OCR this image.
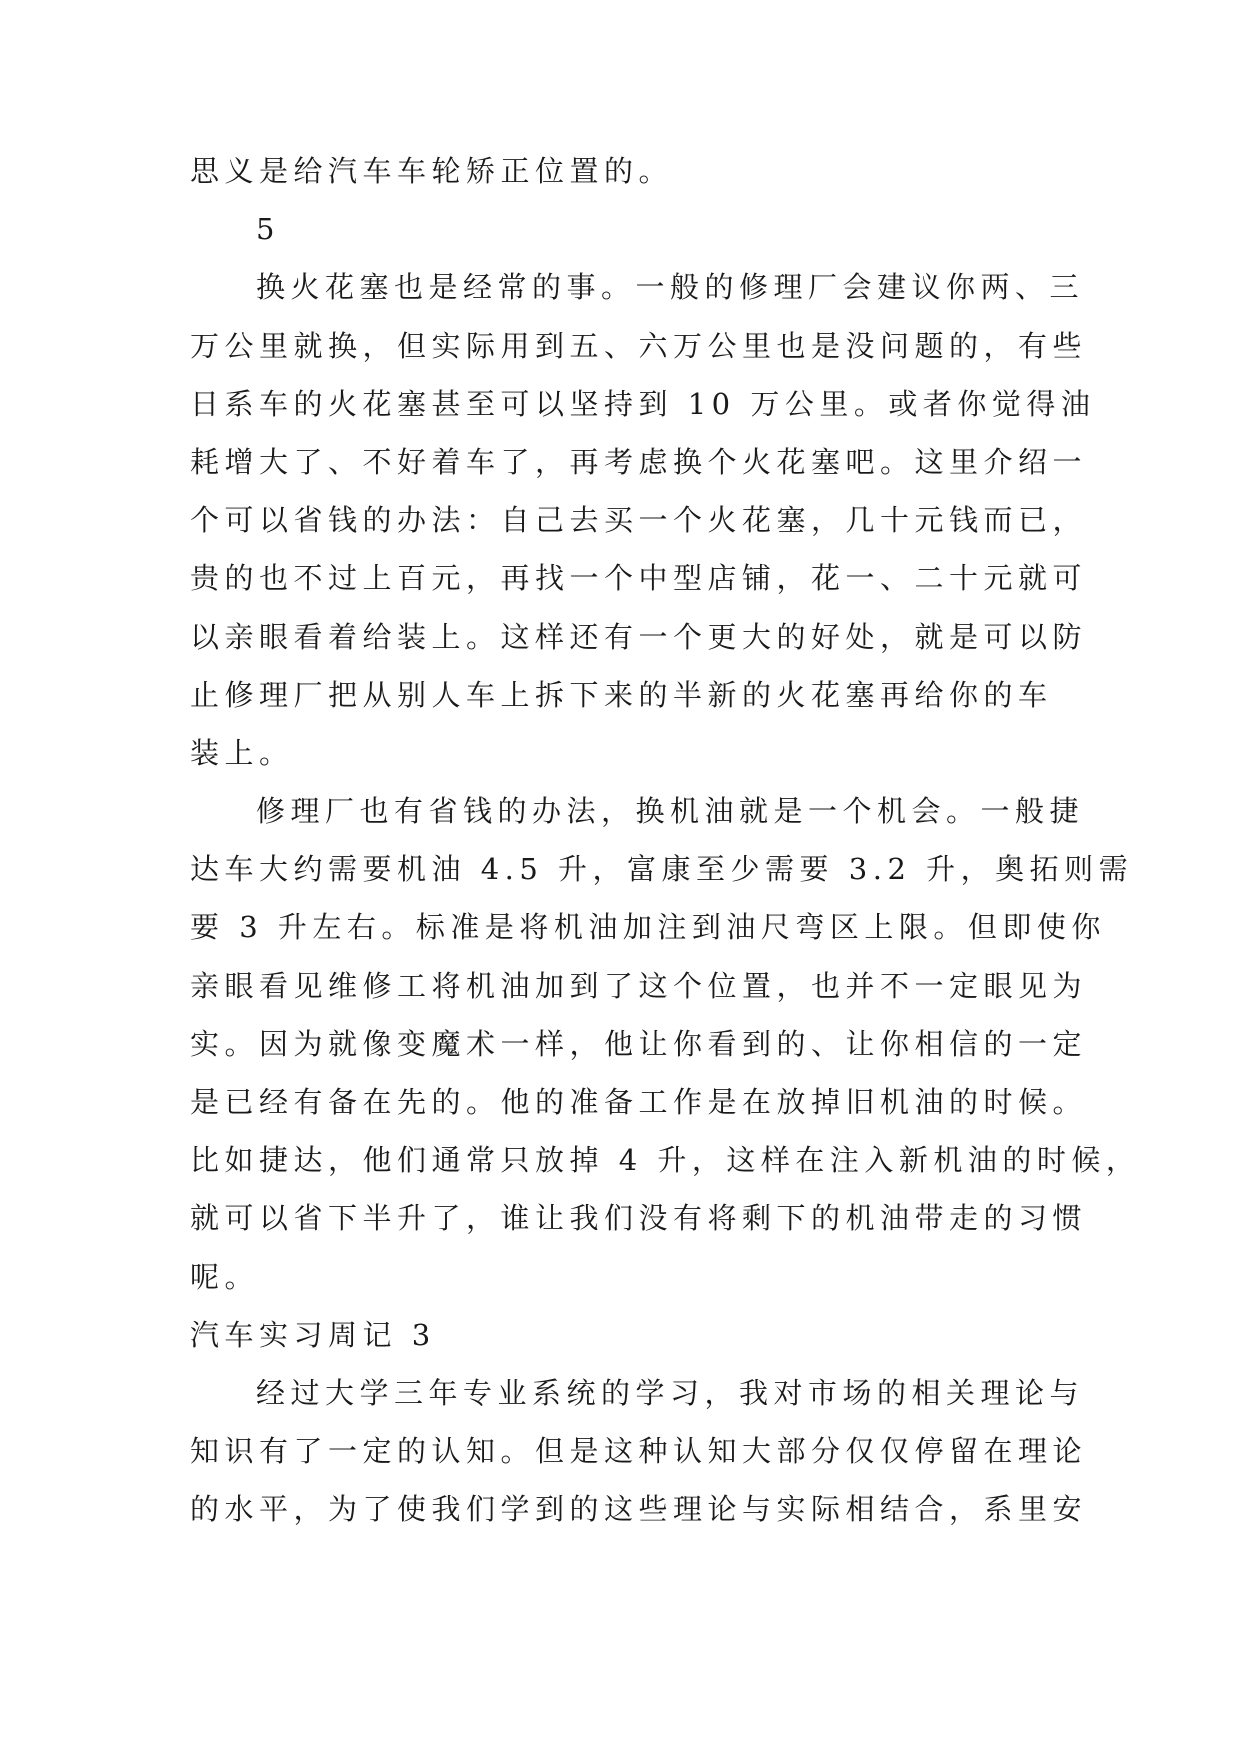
思义是给汽车车轮矫正位置的。
5
换火花塞也是经常的事。一般的修理厂会建议你两、三
万公里就换，但实际用到五、六万公里也是没问题的，有些
日系车的火花塞甚至可以坚持到 10 万公里。或者你觉得油
耗增大了、不好着车了，再考虑换个火花塞吧。这里介绍一
个可以省钱的办法：自己去买一个火花塞，几十元钱而已，
贵的也不过上百元，再找一个中型店铺，花一、二十元就可
以亲眼看着给装上。这样还有一个更大的好处，就是可以防
止修理厂把从别人车上拆下来的半新的火花塞再给你的车
装上。
修理厂也有省钱的办法，换机油就是一个机会。一般捷
达车大约需要机油 4.5 升，富康至少需要 3.2 升，奥拓则需
要 3 升左右。标准是将机油加注到油尺弯区上限。但即使你
亲眼看见维修工将机油加到了这个位置，也并不一定眼见为
实。因为就像变魔术一样，他让你看到的、让你相信的一定
是已经有备在先的。他的准备工作是在放掉旧机油的时候。
比如捷达，他们通常只放掉 4 升，这样在注入新机油的时候，
就可以省下半升了，谁让我们没有将剩下的机油带走的习惯
呢。
汽车实习周记 3
经过大学三年专业系统的学习，我对市场的相关理论与
知识有了一定的认知。但是这种认知大部分仅仅停留在理论
的水平，为了使我们学到的这些理论与实际相结合，系里安
